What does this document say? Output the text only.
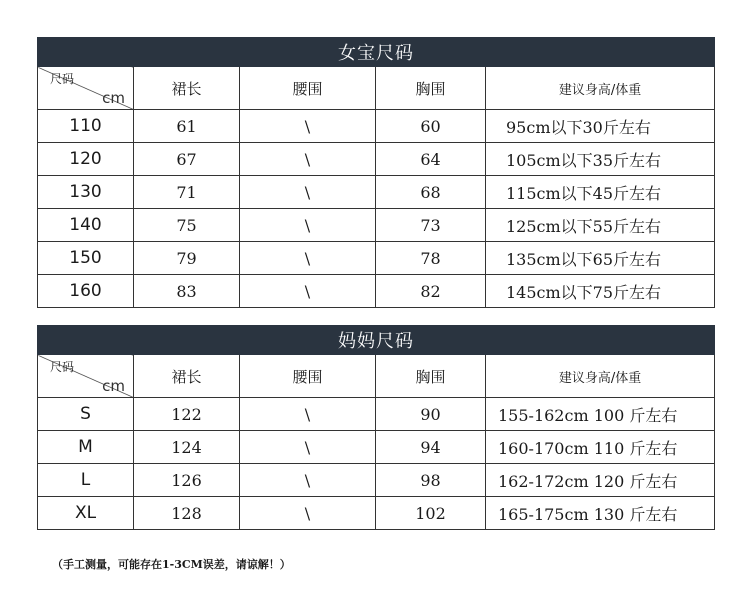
女宝尺码				

尺码
cm	裙长	腰围	胸围	建议身高/体重
110	61	\	60	95cm以下30斤左右
120	67	\	64	105cm以下35斤左右
130	71	\	68	115cm以下45斤左右
140	75	\	73	125cm以下55斤左右
150	79	\	78	135cm以下65斤左右
160	83	\	82	145cm以下75斤左右
妈妈尺码				

尺码
cm	裙长	腰围	胸围	建议身高/体重
S	122	\	90	155-162cm 100 斤左右
M	124	\	94	160-170cm 110 斤左右
L	126	\	98	162-172cm 120 斤左右
XL	128	\	102	165-175cm 130 斤左右
（手工测量，可能存在1-3CM误差，请谅解！）
